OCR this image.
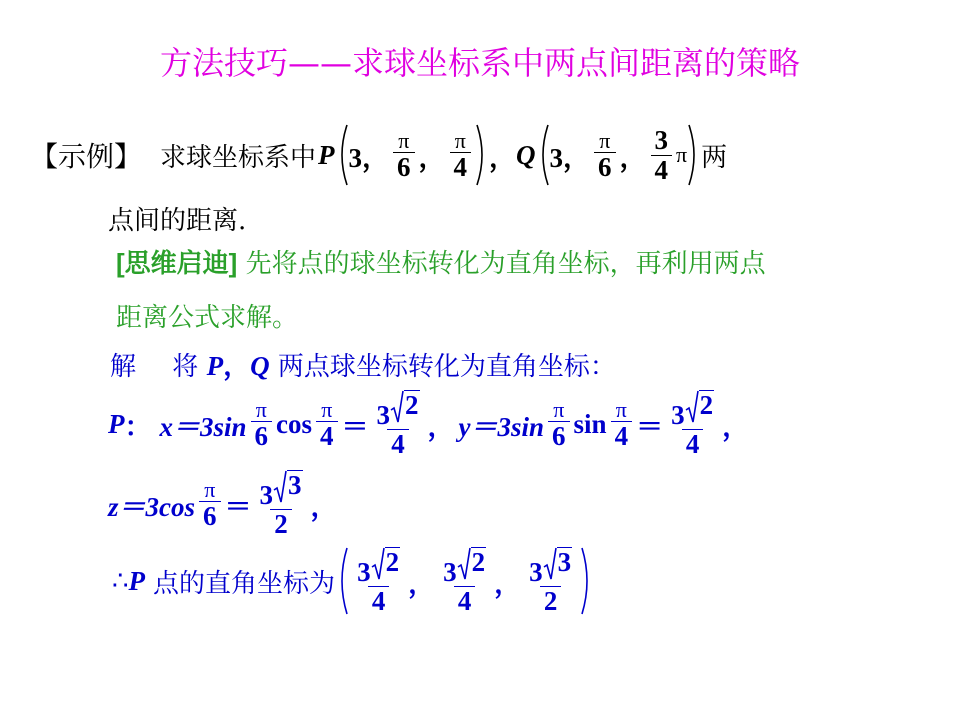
方法技巧——求球坐标系中两点间距离的策略
【示例】 求球坐标系中 P 3， $\frac{\pi}{6}$ ， $\frac{\pi}{4}$ ， Q 3， $\frac{\pi}{6}$ ， $\frac{3}{4}$ π 两
点间的距离.
[思维启迪] 先将点的球坐标转化为直角坐标，再利用两点
距离公式求解。
解 将 P，Q 两点球坐标转化为直角坐标：
P ： $x=3\sin \frac{\pi}{6}$ $\cos \frac{\pi}{4} = \frac{3 2}{4}$ ， $y=3\sin \frac{\pi}{6}$ $\sin \frac{\pi}{4} = \frac{3 2}{4}$ ，
$z=3\cos \frac{\pi}{6} = \frac{3 3}{2}$ ，
∴ P 点的直角坐标为 $\frac{3 2}{4}$ ， $\frac{3 2}{4}$ ， $\frac{3 3}{2}$
